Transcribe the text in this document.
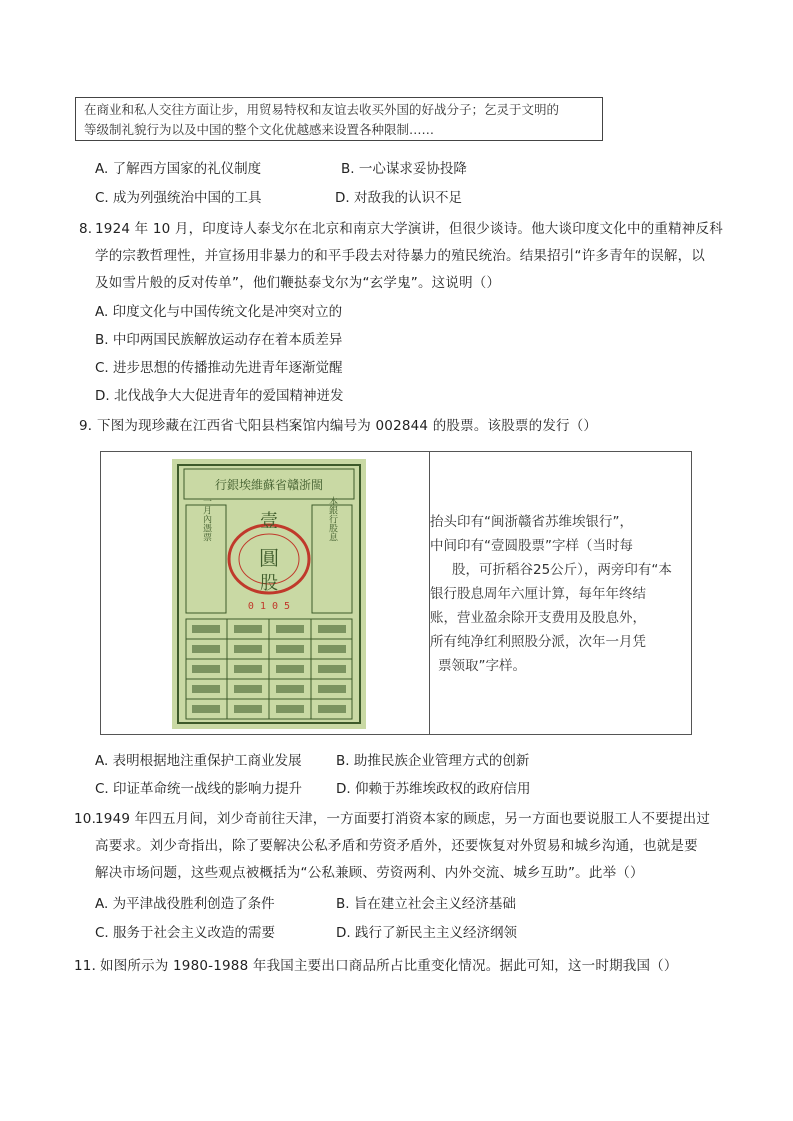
在商业和私人交往方面让步，用贸易特权和友谊去收买外国的好战分子；乞灵于文明的
等级制礼貌行为以及中国的整个文化优越感来设置各种限制……
A. 了解西方国家的礼仪制度	B. 一心谋求妥协投降
C. 成为列强统治中国的工具	D. 对敌我的认识不足
8. 1924 年 10 月，印度诗人泰戈尔在北京和南京大学演讲，但很少谈诗。他大谈印度文化中的重精神反科
学的宗教哲理性，并宣扬用非暴力的和平手段去对待暴力的殖民统治。结果招引“许多青年的误解，以
及如雪片般的反对传单”，他们鞭挞泰戈尔为“玄学鬼”。这说明（）
A. 印度文化与中国传统文化是冲突对立的
B. 中印两国民族解放运动存在着本质差异
C. 进步思想的传播推动先进青年逐渐觉醒
D. 北伐战争大大促进青年的爱国精神迸发
9．
下图为现珍藏在江西省弋阳县档案馆内编号为 002844 的股票。该股票的发行（）
行銀埃維蘇省贛浙閩
一月內憑票	本銀行股息
壹
圓
股
0 1 0 5
抬头印有“闽浙赣省苏维埃银行”，
中间印有“壹圆股票”字样（当时每
股，可折稻谷25公斤），两旁印有“本
银行股息周年六厘计算，每年年终结
账，营业盈余除开支费用及股息外，
所有纯净红利照股分派，次年一月凭
票领取”字样。
A. 表明根据地注重保护工商业发展	B. 助推民族企业管理方式的创新
C. 印证革命统一战线的影响力提升	D. 仰赖于苏维埃政权的政府信用
10.
1949 年四五月间，刘少奇前往天津，一方面要打消资本家的顾虑，另一方面也要说服工人不要提出过
高要求。刘少奇指出，除了要解决公私矛盾和劳资矛盾外，还要恢复对外贸易和城乡沟通，也就是要
解决市场问题，这些观点被概括为“公私兼顾、劳资两利、内外交流、城乡互助”。此举（）
A. 为平津战役胜利创造了条件	B. 旨在建立社会主义经济基础
C. 服务于社会主义改造的需要	D. 践行了新民主主义经济纲领
11．
如图所示为 1980-1988 年我国主要出口商品所占比重变化情况。据此可知，这一时期我国（）
